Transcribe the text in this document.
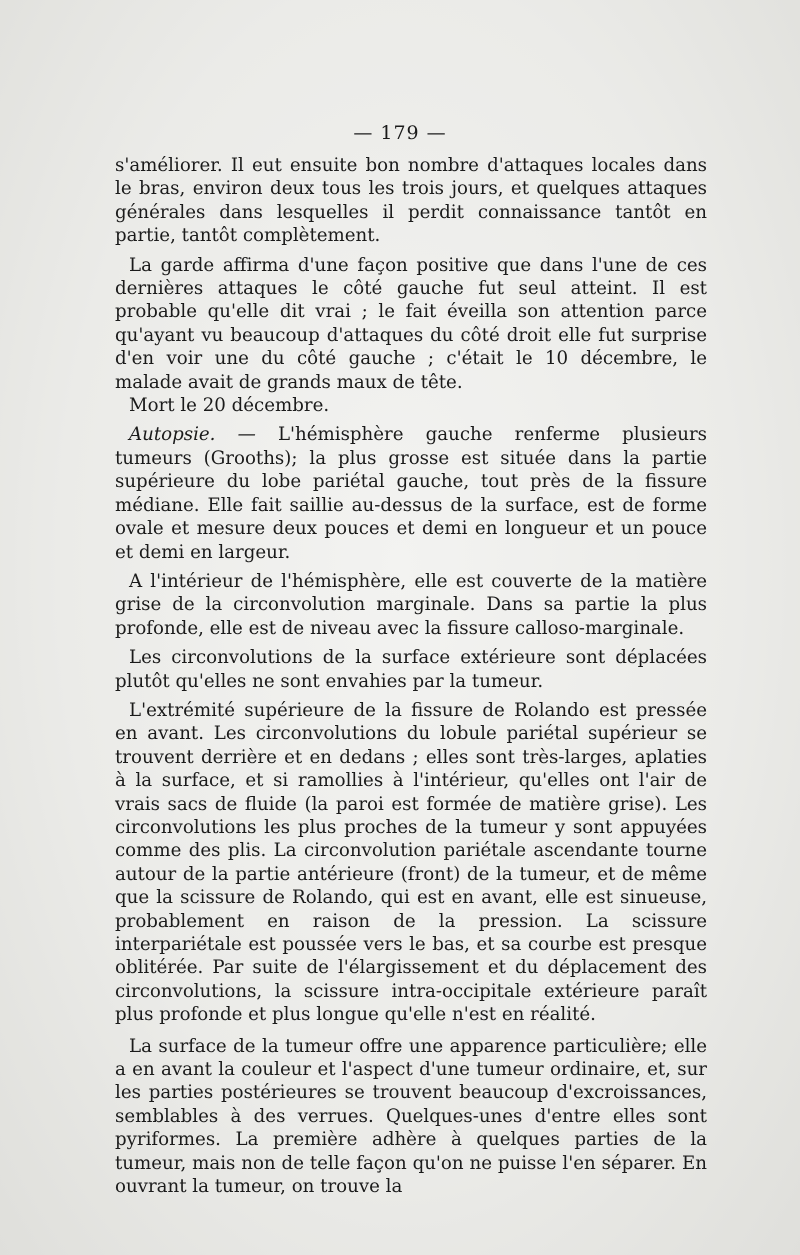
— 179 —

s'améliorer. Il eut ensuite bon nombre d'attaques locales dans le bras, environ deux tous les trois jours, et quelques attaques générales dans lesquelles il perdit connaissance tantôt en partie, tantôt complètement.

La garde affirma d'une façon positive que dans l'une de ces dernières attaques le côté gauche fut seul atteint. Il est probable qu'elle dit vrai ; le fait éveilla son attention parce qu'ayant vu beaucoup d'attaques du côté droit elle fut surprise d'en voir une du côté gauche ; c'était le 10 décembre, le malade avait de grands maux de tête.

Mort le 20 décembre.

Autopsie. — L'hémisphère gauche renferme plusieurs tumeurs (Grooths); la plus grosse est située dans la partie supérieure du lobe pariétal gauche, tout près de la fissure médiane. Elle fait saillie au-dessus de la surface, est de forme ovale et mesure deux pouces et demi en longueur et un pouce et demi en largeur.

A l'intérieur de l'hémisphère, elle est couverte de la matière grise de la circonvolution marginale. Dans sa partie la plus profonde, elle est de niveau avec la fissure calloso-marginale.

Les circonvolutions de la surface extérieure sont déplacées plutôt qu'elles ne sont envahies par la tumeur.

L'extrémité supérieure de la fissure de Rolando est pressée en avant. Les circonvolutions du lobule pariétal supérieur se trouvent derrière et en dedans ; elles sont très-larges, aplaties à la surface, et si ramollies à l'intérieur, qu'elles ont l'air de vrais sacs de fluide (la paroi est formée de matière grise). Les circonvolutions les plus proches de la tumeur y sont appuyées comme des plis. La circonvolution pariétale ascendante tourne autour de la partie antérieure (front) de la tumeur, et de même que la scissure de Rolando, qui est en avant, elle est sinueuse, probablement en raison de la pression. La scissure interpariétale est poussée vers le bas, et sa courbe est presque oblitérée. Par suite de l'élargissement et du déplacement des circonvolutions, la scissure intra-occipitale extérieure paraît plus profonde et plus longue qu'elle n'est en réalité.

La surface de la tumeur offre une apparence particulière; elle a en avant la couleur et l'aspect d'une tumeur ordinaire, et, sur les parties postérieures se trouvent beaucoup d'excroissances, semblables à des verrues. Quelques-unes d'entre elles sont pyriformes. La première adhère à quelques parties de la tumeur, mais non de telle façon qu'on ne puisse l'en séparer. En ouvrant la tumeur, on trouve la
